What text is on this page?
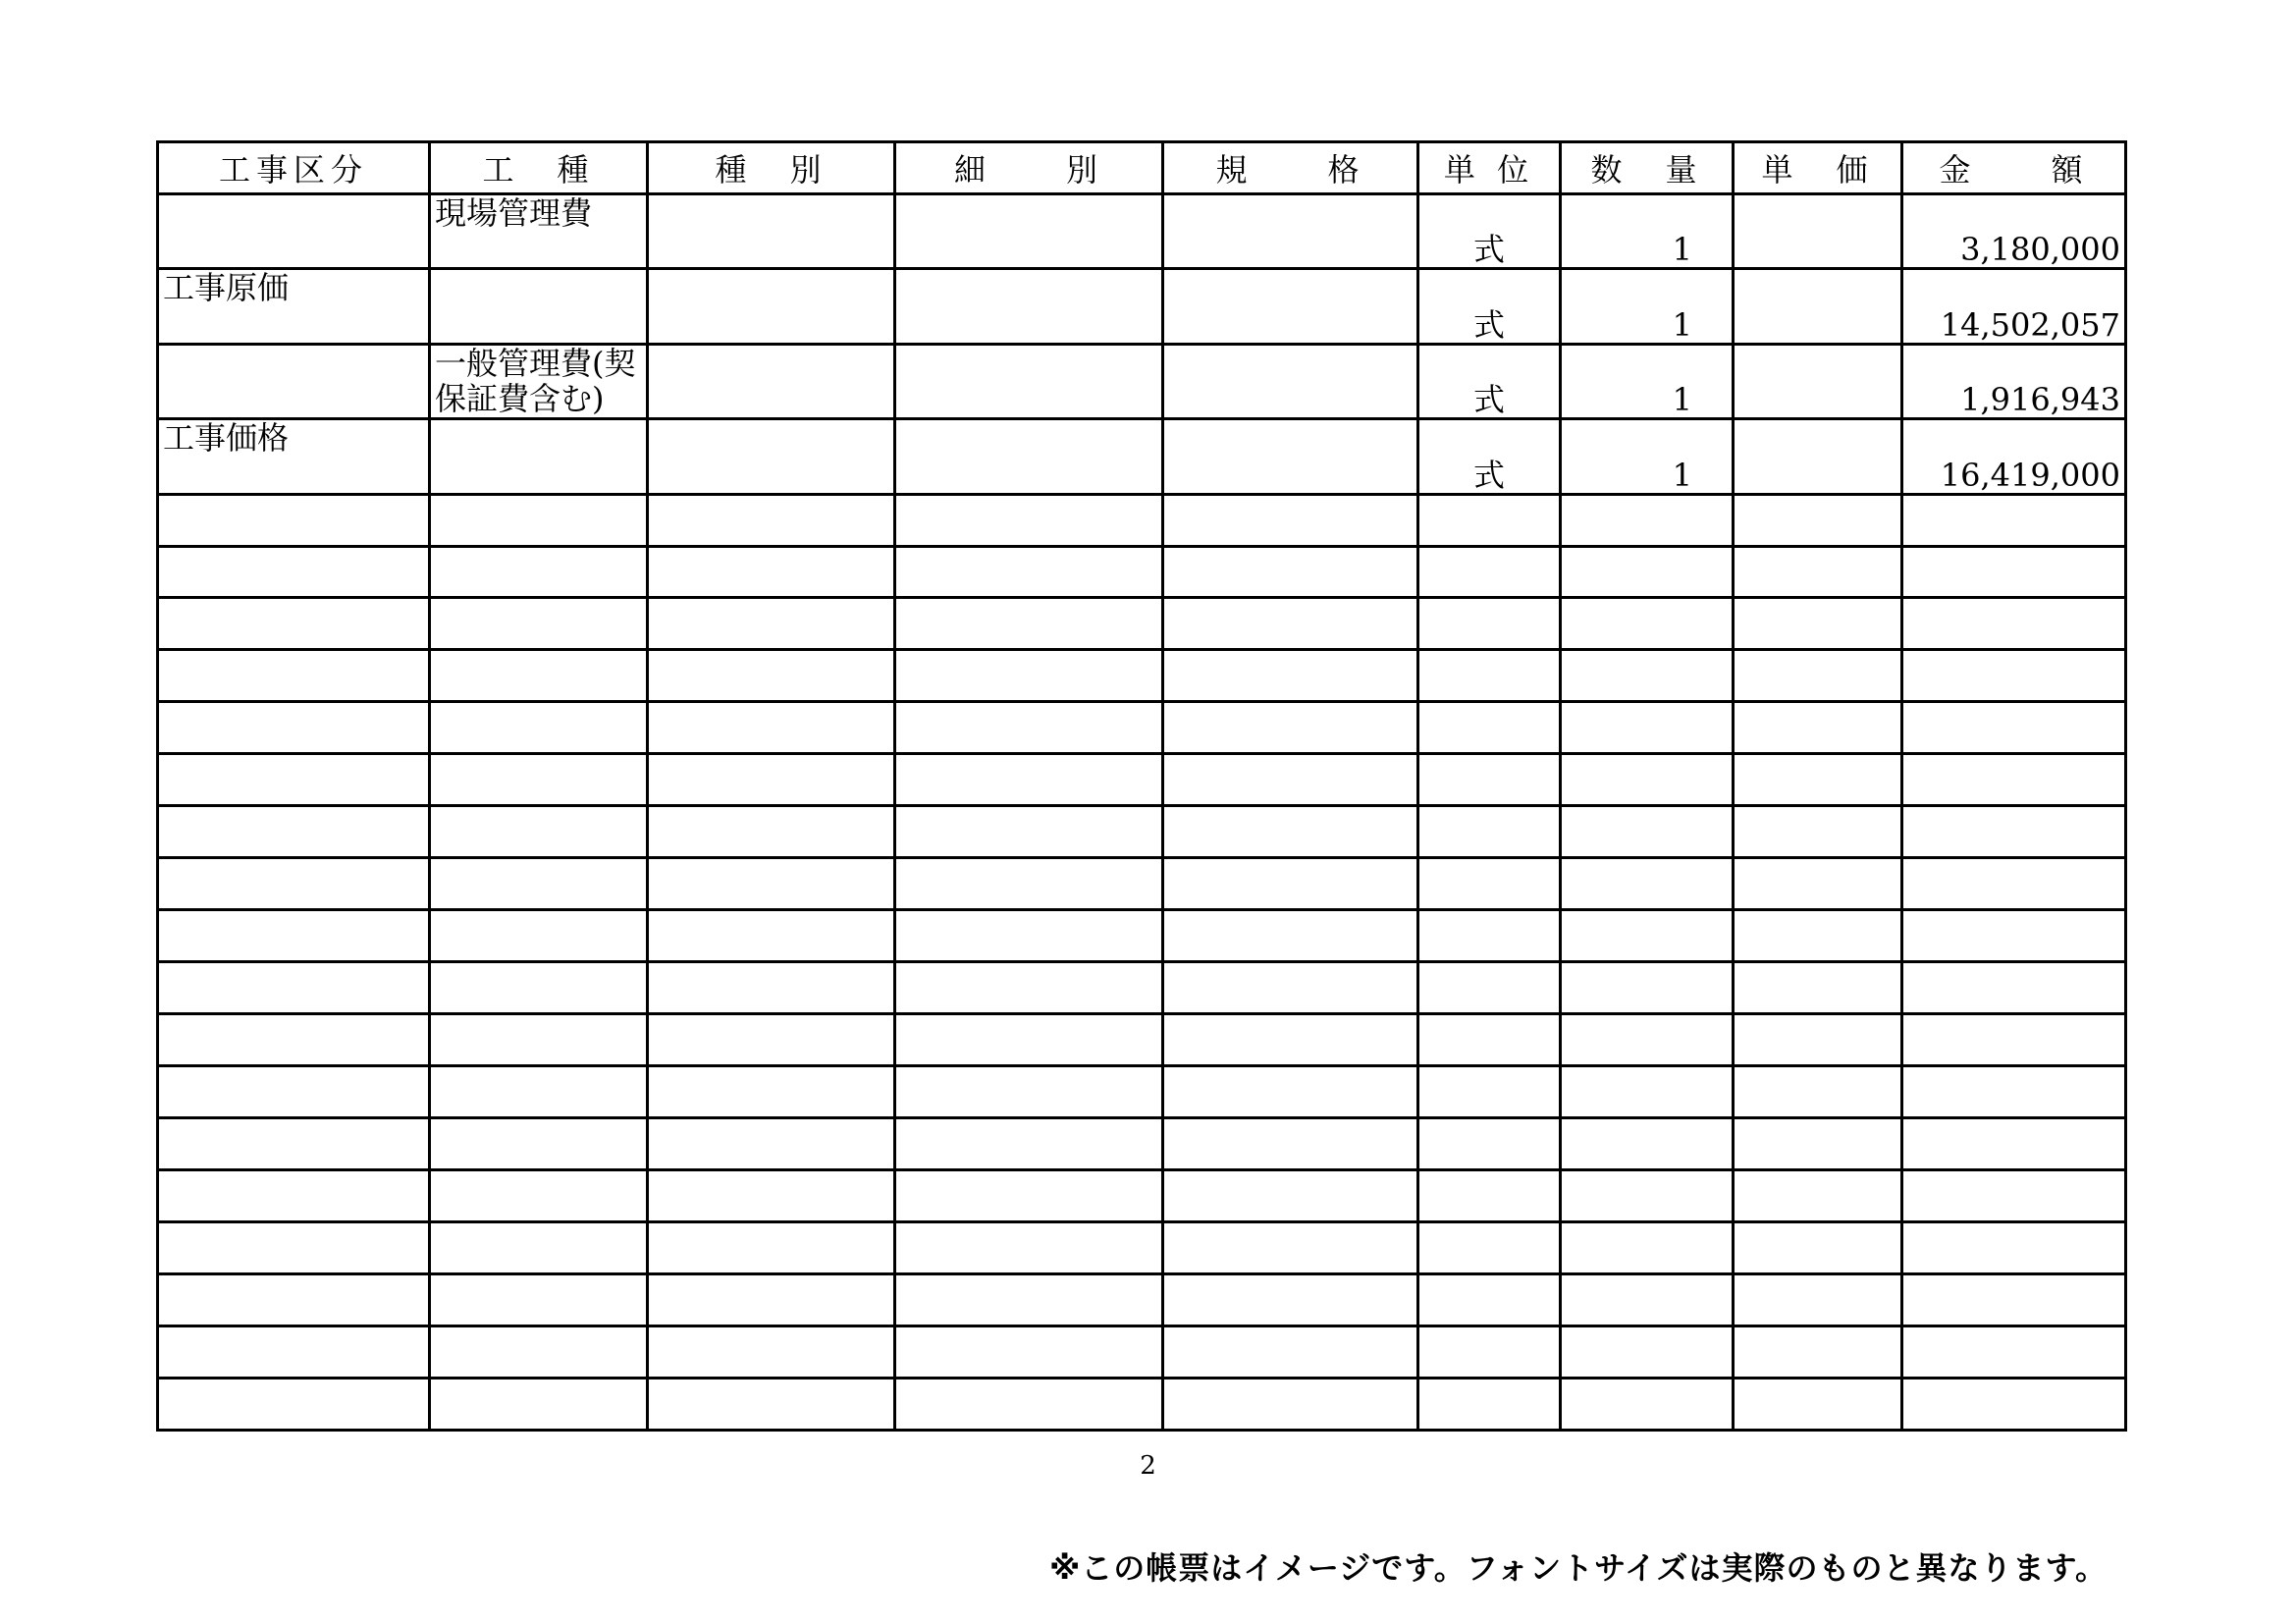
工事区分	工　種	種　別	細　　別	規　　格	単 位	数　量	単　価	金　　額

	現場管理費				式	1		3,180,000

工事原価					式	1		14,502,057

	一般管理費(契
保証費含む)				式	1		1,916,943

工事価格					式	1		16,419,000

2
※この帳票はイメージです。フォントサイズは実際のものと異なります。
